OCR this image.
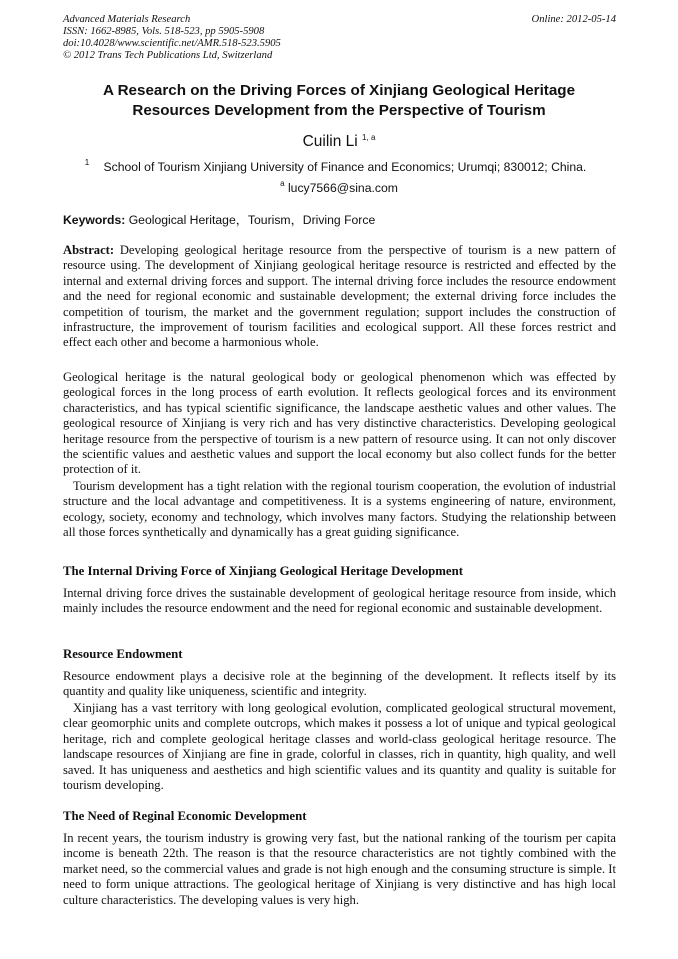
Advanced Materials Research
ISSN: 1662-8985, Vols. 518-523, pp 5905-5908
doi:10.4028/www.scientific.net/AMR.518-523.5905
© 2012 Trans Tech Publications Ltd, Switzerland
Online: 2012-05-14
A Research on the Driving Forces of Xinjiang Geological Heritage
Resources Development from the Perspective of Tourism
Cuilin Li $^{1, a}$
$^1$ School of Tourism Xinjiang University of Finance and Economics; Urumqi; 830012; China.
$^a$ lucy7566@sina.com
Keywords: Geological Heritage，Tourism，Driving Force
Abstract: Developing geological heritage resource from the perspective of tourism is a new pattern of resource using. The development of Xinjiang geological heritage resource is restricted and effected by the internal and external driving forces and support. The internal driving force includes the resource endowment and the need for regional economic and sustainable development; the external driving force includes the competition of tourism, the market and the government regulation; support includes the construction of infrastructure, the improvement of tourism facilities and ecological support. All these forces restrict and effect each other and become a harmonious whole.
Geological heritage is the natural geological body or geological phenomenon which was effected by geological forces in the long process of earth evolution. It reflects geological forces and its environment characteristics, and has typical scientific significance, the landscape aesthetic values and other values. The geological resource of Xinjiang is very rich and has very distinctive characteristics. Developing geological heritage resource from the perspective of tourism is a new pattern of resource using. It can not only discover the scientific values and aesthetic values and support the local economy but also collect funds for the better protection of it.
Tourism development has a tight relation with the regional tourism cooperation, the evolution of industrial structure and the local advantage and competitiveness. It is a systems engineering of nature, environment, ecology, society, economy and technology, which involves many factors. Studying the relationship between all those forces synthetically and dynamically has a great guiding significance.
The Internal Driving Force of Xinjiang Geological Heritage Development
Internal driving force drives the sustainable development of geological heritage resource from inside, which mainly includes the resource endowment and the need for regional economic and sustainable development.
Resource Endowment
Resource endowment plays a decisive role at the beginning of the development. It reflects itself by its quantity and quality like uniqueness, scientific and integrity.
Xinjiang has a vast territory with long geological evolution, complicated geological structural movement, clear geomorphic units and complete outcrops, which makes it possess a lot of unique and typical geological heritage, rich and complete geological heritage classes and world-class geological heritage resource. The landscape resources of Xinjiang are fine in grade, colorful in classes, rich in quantity, high quality, and well saved. It has uniqueness and aesthetics and high scientific values and its quantity and quality is suitable for tourism developing.
The Need of Reginal Economic Development
In recent years, the tourism industry is growing very fast, but the national ranking of the tourism per capita income is beneath 22th. The reason is that the resource characteristics are not tightly combined with the market need, so the commercial values and grade is not high enough and the consuming structure is simple. It need to form unique attractions. The geological heritage of Xinjiang is very distinctive and has high local culture characteristics. The developing values is very high.
